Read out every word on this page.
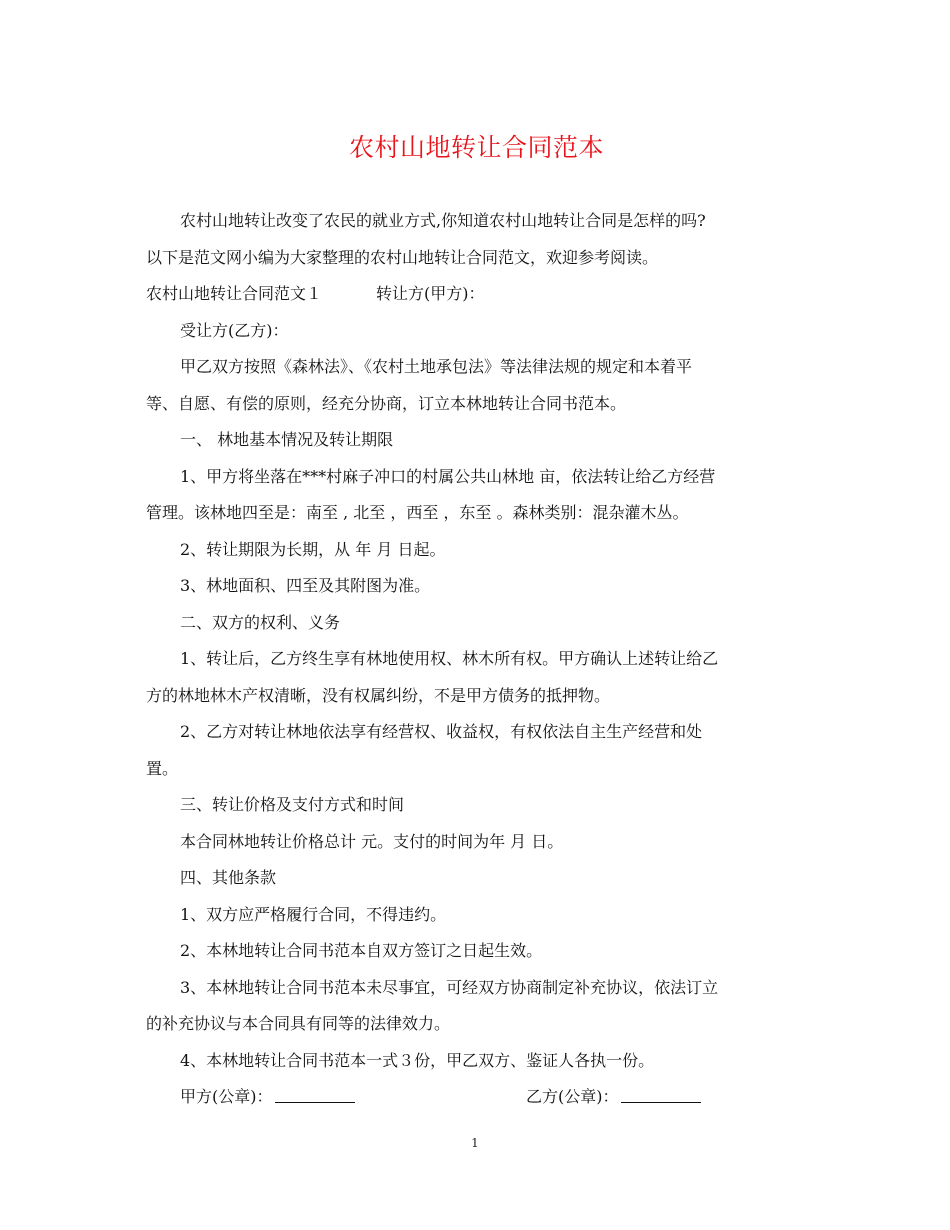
农村山地转让合同范本

农村山地转让改变了农民的就业方式,你知道农村山地转让合同是怎样的吗?

以下是范文网小编为大家整理的农村山地转让合同范文，欢迎参考阅读。

农村山地转让合同范文１	转让方(甲方)：

受让方(乙方)：

甲乙双方按照《森林法》、《农村土地承包法》等法律法规的规定和本着平

等、自愿、有偿的原则，经充分协商，订立本林地转让合同书范本。

一、 林地基本情况及转让期限

1、甲方将坐落在***村麻子冲口的村属公共山林地 亩，依法转让给乙方经营

管理。该林地四至是：南至 , 北至 ，西至 ，东至 。森林类别：混杂灌木丛。

2、转让期限为长期，从 年 月 日起。

3、林地面积、四至及其附图为准。

二、双方的权利、义务

1、转让后，乙方终生享有林地使用权、林木所有权。甲方确认上述转让给乙

方的林地林木产权清晰，没有权属纠纷，不是甲方债务的抵押物。

2、乙方对转让林地依法享有经营权、收益权，有权依法自主生产经营和处

置。

三、转让价格及支付方式和时间

本合同林地转让价格总计 元。支付的时间为年 月 日。

四、其他条款

1、双方应严格履行合同，不得违约。

2、本林地转让合同书范本自双方签订之日起生效。

3、本林地转让合同书范本未尽事宜，可经双方协商制定补充协议，依法订立

的补充协议与本合同具有同等的法律效力。

4、本林地转让合同书范本一式３份，甲乙双方、鉴证人各执一份。

甲方(公章)：	乙方(公章)：

1
